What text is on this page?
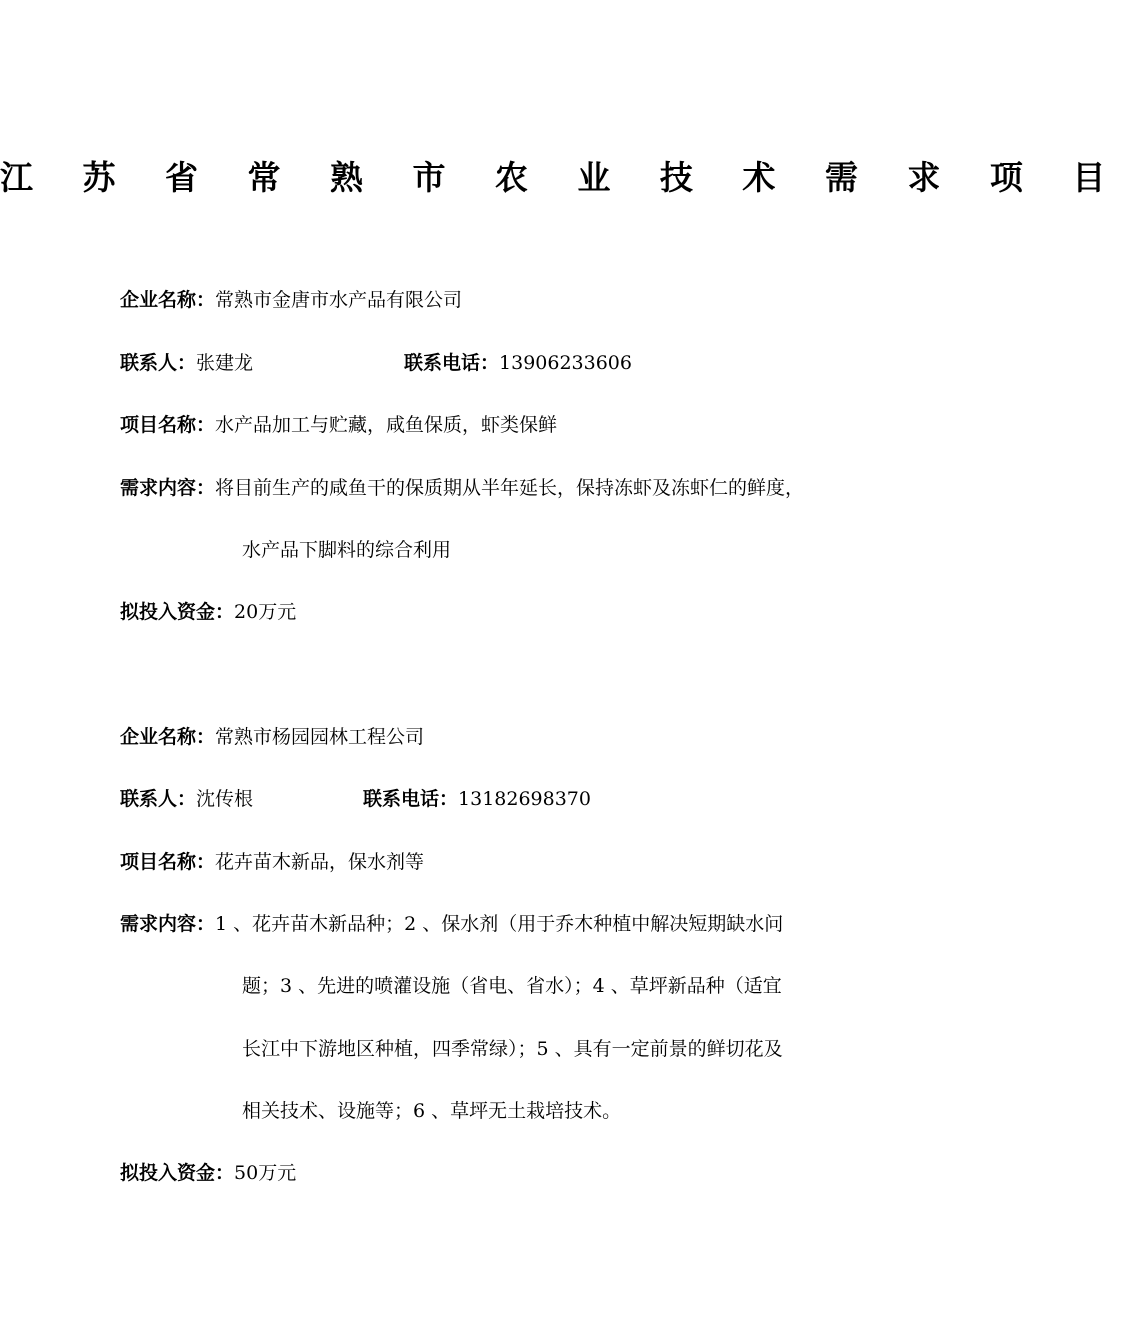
江 苏 省 常 熟 市 农 业 技 术 需 求 项 目
企业名称：常熟市金唐市水产品有限公司
联系人：张建龙	联系电话：13906233606
项目名称：水产品加工与贮藏，咸鱼保质，虾类保鲜
需求内容：将目前生产的咸鱼干的保质期从半年延长，保持冻虾及冻虾仁的鲜度，
水产品下脚料的综合利用
拟投入资金：20万元
企业名称：常熟市杨园园林工程公司
联系人：沈传根	联系电话：13182698370
项目名称：花卉苗木新品，保水剂等
需求内容：1 、花卉苗木新品种；2 、保水剂（用于乔木种植中解决短期缺水问
题；3 、先进的喷灌设施（省电、省水）；4 、草坪新品种（适宜
长江中下游地区种植，四季常绿）；5 、具有一定前景的鲜切花及
相关技术、设施等；6 、草坪无土栽培技术。
拟投入资金：50万元
